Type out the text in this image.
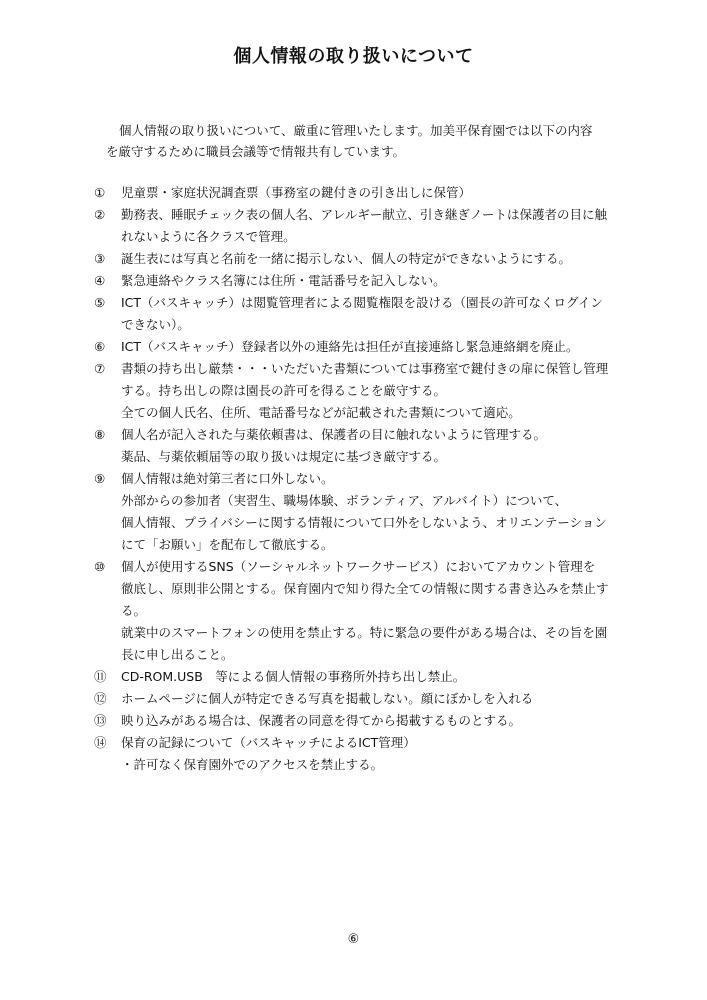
個人情報の取り扱いについて

個人情報の取り扱いについて、厳重に管理いたします。加美平保育園では以下の内容
を厳守するために職員会議等で情報共有しています。

①	児童票・家庭状況調査票（事務室の鍵付きの引き出しに保管）
②	勤務表、睡眠チェック表の個人名、アレルギー献立、引き継ぎノートは保護者の目に触
れないように各クラスで管理。
③	誕生表には写真と名前を一緒に掲示しない、個人の特定ができないようにする。
④	緊急連絡やクラス名簿には住所・電話番号を記入しない。
⑤	ICT（バスキャッチ）は閲覧管理者による閲覧権限を設ける（園長の許可なくログイン
できない）。
⑥	ICT（バスキャッチ）登録者以外の連絡先は担任が直接連絡し緊急連絡網を廃止。
⑦	書類の持ち出し厳禁・・・いただいた書類については事務室で鍵付きの扉に保管し管理
する。持ち出しの際は園長の許可を得ることを厳守する。
全ての個人氏名、住所、電話番号などが記載された書類について適応。
⑧	個人名が記入された与薬依頼書は、保護者の目に触れないように管理する。
薬品、与薬依頼届等の取り扱いは規定に基づき厳守する。
⑨	個人情報は絶対第三者に口外しない。
外部からの参加者（実習生、職場体験、ボランティア、アルバイト）について、
個人情報、プライバシーに関する情報について口外をしないよう、オリエンテーション
にて「お願い」を配布して徹底する。
⑩	個人が使用するSNS（ソーシャルネットワークサービス）においてアカウント管理を
徹底し、原則非公開とする。保育園内で知り得た全ての情報に関する書き込みを禁止す
る。
就業中のスマートフォンの使用を禁止する。特に緊急の要件がある場合は、その旨を園
長に申し出ること。
⑪	CD-ROM.USB　等による個人情報の事務所外持ち出し禁止。
⑫	ホームページに個人が特定できる写真を掲載しない。顔にぼかしを入れる
⑬	映り込みがある場合は、保護者の同意を得てから掲載するものとする。
⑭	保育の記録について（バスキャッチによるICT管理）
・許可なく保育園外でのアクセスを禁止する。
⑥
